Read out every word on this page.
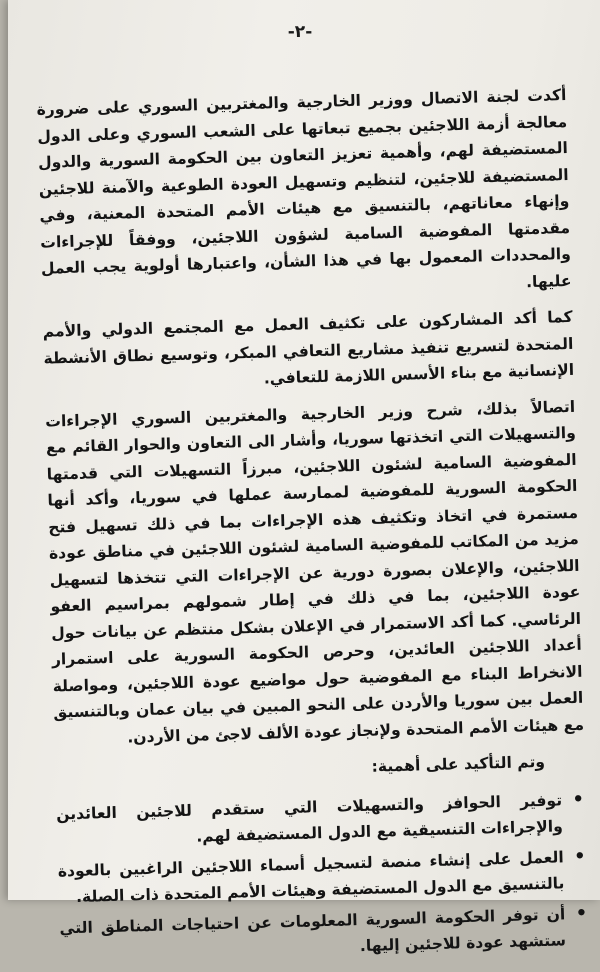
-٢-

أكدت لجنة الاتصال ووزير الخارجية والمغتربين السوري على ضرورة معالجة أزمة اللاجئين بجميع تبعاتها على الشعب السوري وعلى الدول المستضيفة لهم، وأهمية تعزيز التعاون بين الحكومة السورية والدول المستضيفة للاجئين، لتنظيم وتسهيل العودة الطوعية والآمنة للاجئين وإنهاء معاناتهم، بالتنسيق مع هيئات الأمم المتحدة المعنية، وفي مقدمتها المفوضية السامية لشؤون اللاجئين، ووفقاً للإجراءات والمحددات المعمول بها في هذا الشأن، واعتبارها أولوية يجب العمل عليها.

كما أكد المشاركون على تكثيف العمل مع المجتمع الدولي والأمم المتحدة لتسريع تنفيذ مشاريع التعافي المبكر، وتوسيع نطاق الأنشطة الإنسانية مع بناء الأسس اللازمة للتعافي.

اتصالاً بذلك، شرح وزير الخارجية والمغتربين السوري الإجراءات والتسهيلات التي اتخذتها سوريا، وأشار الى التعاون والحوار القائم مع المفوضية السامية لشئون اللاجئين، مبرزاً التسهيلات التي قدمتها الحكومة السورية للمفوضية لممارسة عملها في سوريا، وأكد أنها مستمرة في اتخاذ وتكثيف هذه الإجراءات بما في ذلك تسهيل فتح مزيد من المكاتب للمفوضية السامية لشئون اللاجئين في مناطق عودة اللاجئين، والإعلان بصورة دورية عن الإجراءات التي تتخذها لتسهيل عودة اللاجئين، بما في ذلك في إطار شمولهم بمراسيم العفو الرئاسي. كما أكد الاستمرار في الإعلان بشكل منتظم عن بيانات حول أعداد اللاجئين العائدين، وحرص الحكومة السورية على استمرار الانخراط البناء مع المفوضية حول مواضيع عودة اللاجئين، ومواصلة العمل بين سوريا والأردن على النحو المبين في بيان عمان وبالتنسيق مع هيئات الأمم المتحدة ولإنجاز عودة الألف لاجئ من الأردن.

وتم التأكيد على أهمية:

•
توفير الحوافز والتسهيلات التي ستقدم للاجئين العائدين والإجراءات التنسيقية مع الدول المستضيفة لهم.
•
العمل على إنشاء منصة لتسجيل أسماء اللاجئين الراغبين بالعودة بالتنسيق مع الدول المستضيفة وهيئات الأمم المتحدة ذات الصلة.
•
أن توفر الحكومة السورية المعلومات عن احتياجات المناطق التي ستشهد عودة للاجئين إليها.
